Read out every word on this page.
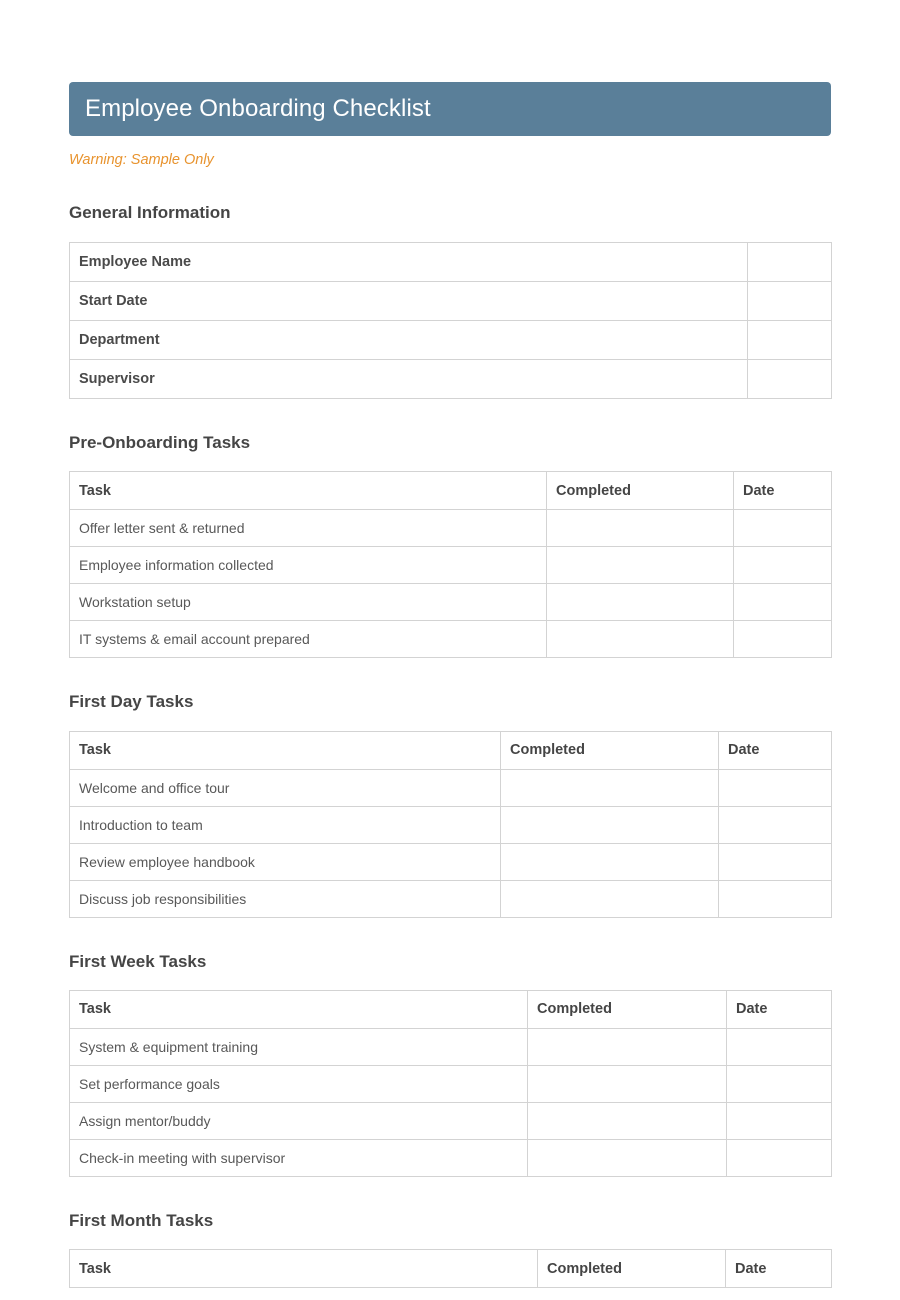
Employee Onboarding Checklist
Warning: Sample Only
General Information
Employee Name	
Start Date	
Department	
Supervisor	
Pre-Onboarding Tasks
Task	Completed	Date
Offer letter sent & returned		
Employee information collected		
Workstation setup		
IT systems & email account prepared		
First Day Tasks
Task	Completed	Date
Welcome and office tour		
Introduction to team		
Review employee handbook		
Discuss job responsibilities		
First Week Tasks
Task	Completed	Date
System & equipment training		
Set performance goals		
Assign mentor/buddy		
Check-in meeting with supervisor		
First Month Tasks
Task	Completed	Date
